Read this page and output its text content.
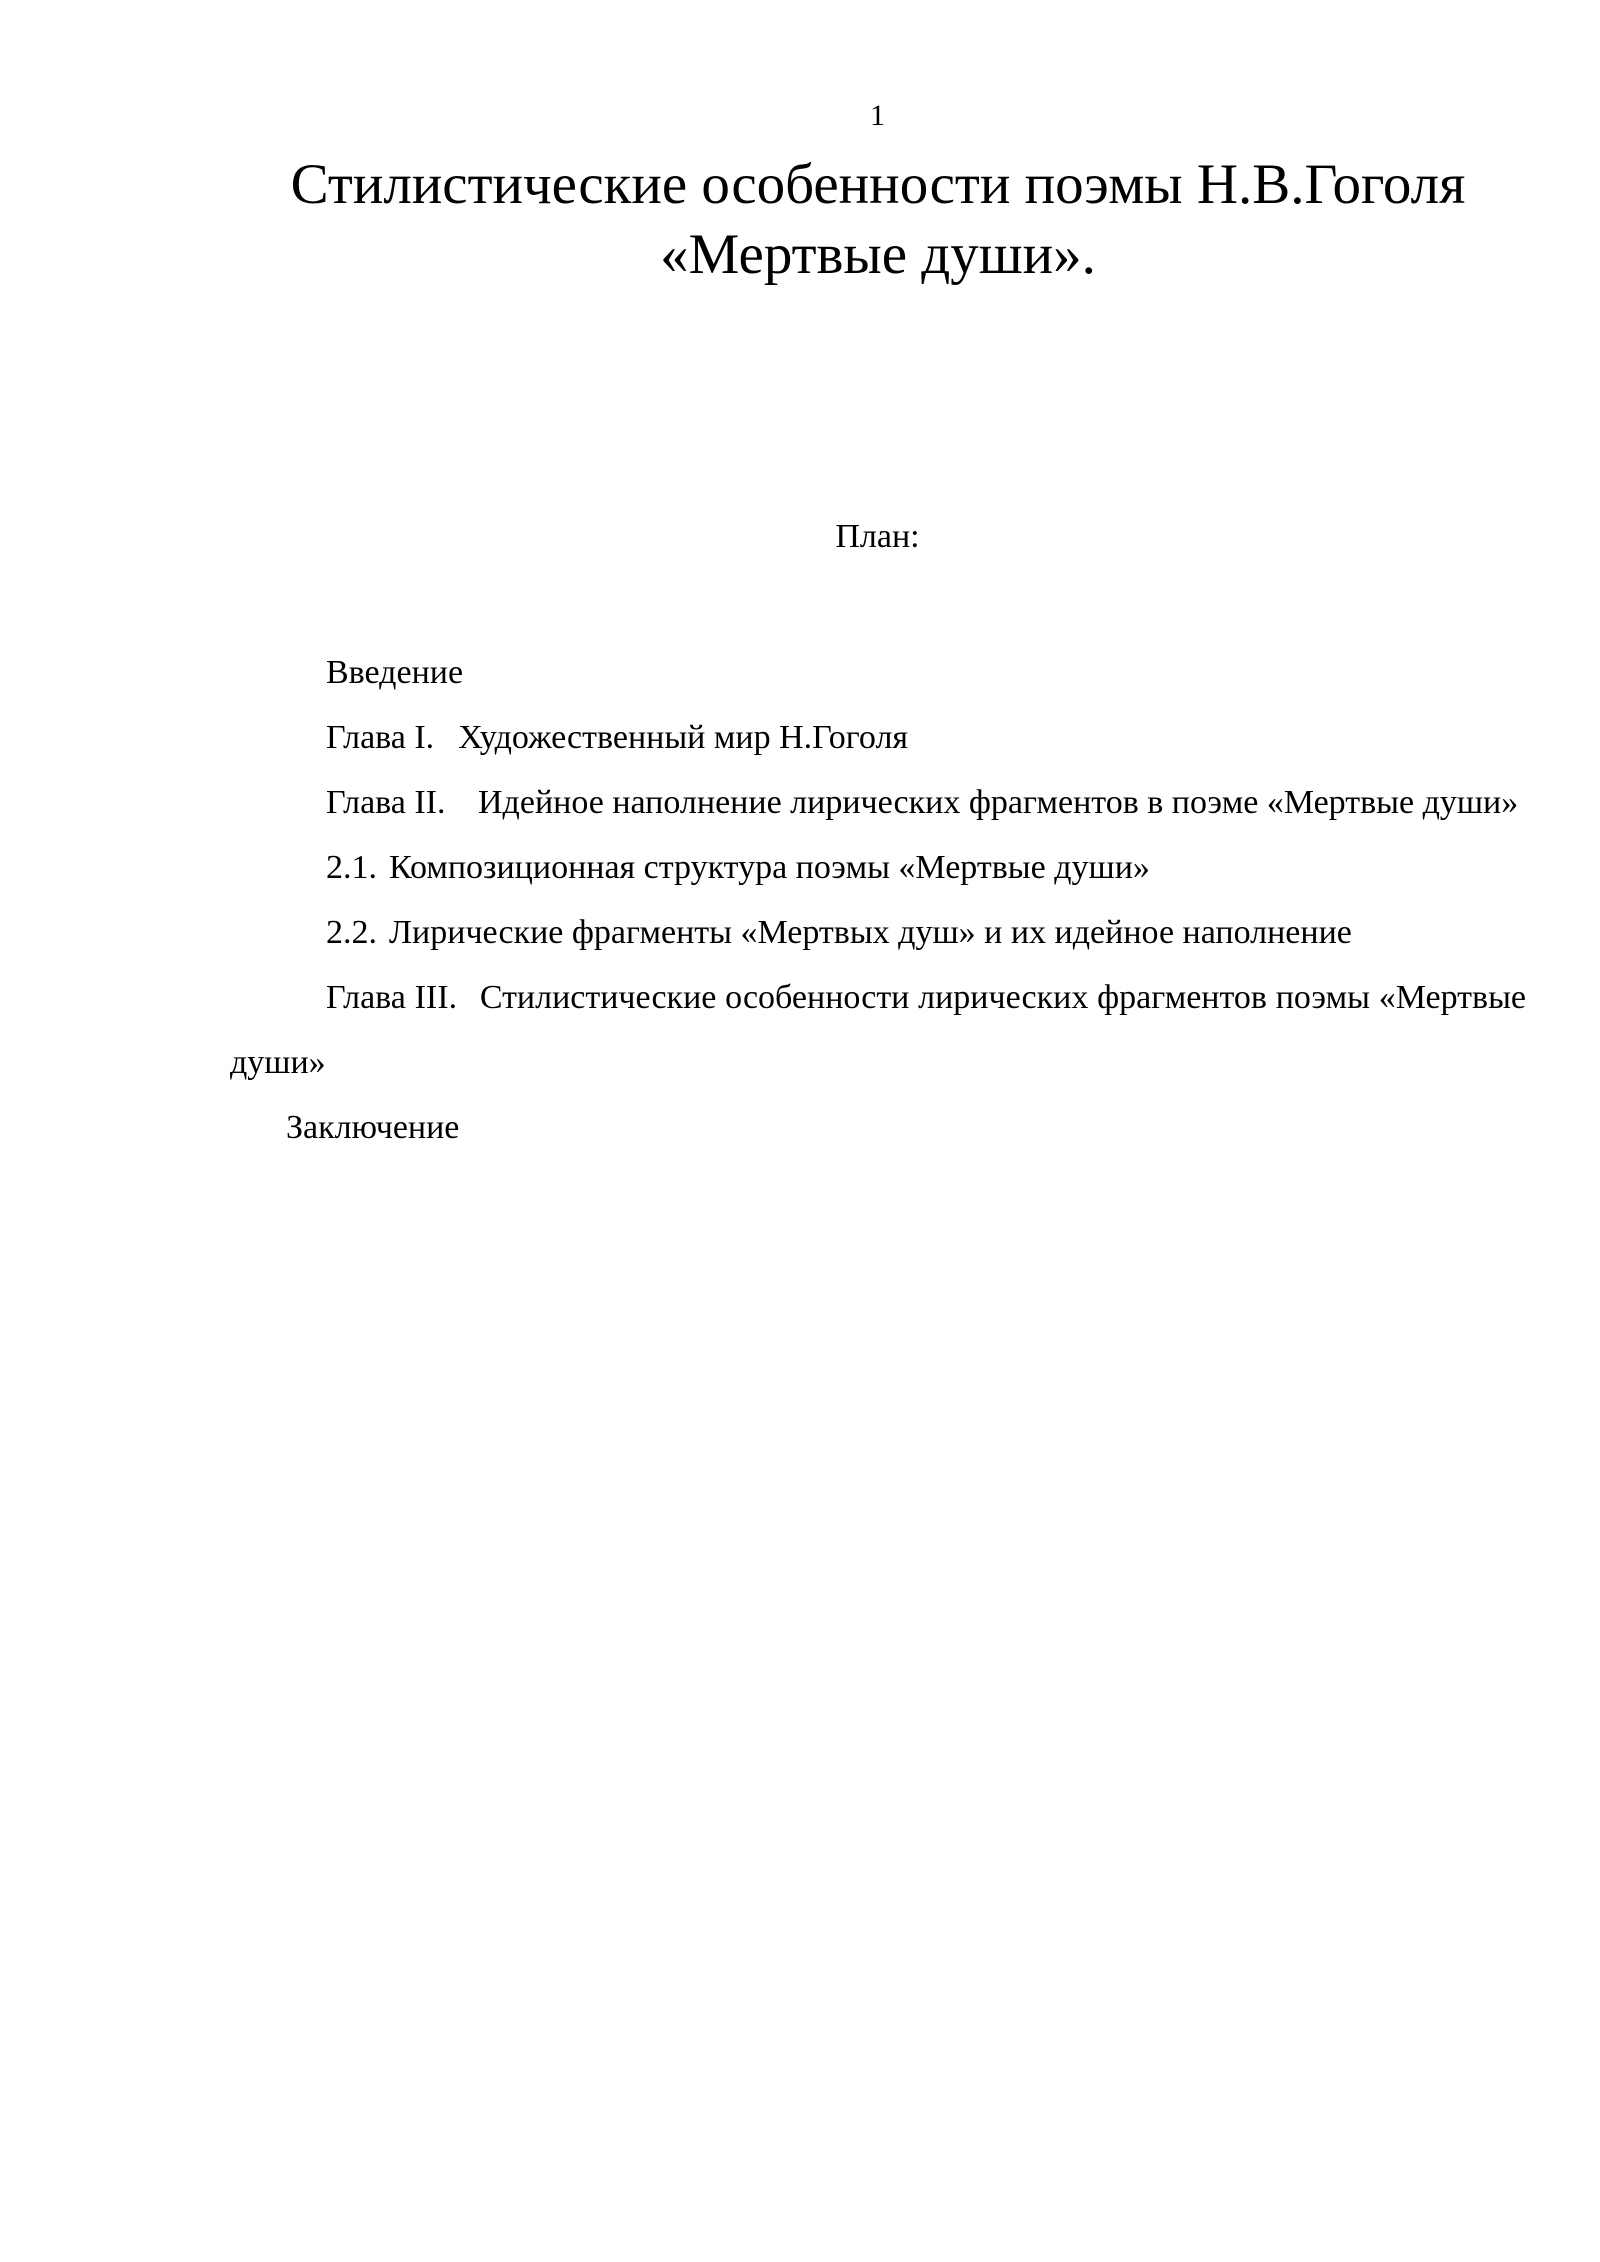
1
Стилистические особенности поэмы Н.В.Гоголя
«Мертвые души».
План:
Введение
Глава I. Художественный мир Н.Гоголя
Глава II. Идейное наполнение лирических фрагментов в поэме «Мертвые души»
2.1. Композиционная структура поэмы «Мертвые души»
2.2. Лирические фрагменты «Мертвых душ» и их идейное наполнение
Глава III. Стилистические особенности лирических фрагментов поэмы «Мертвые души»
Заключение
